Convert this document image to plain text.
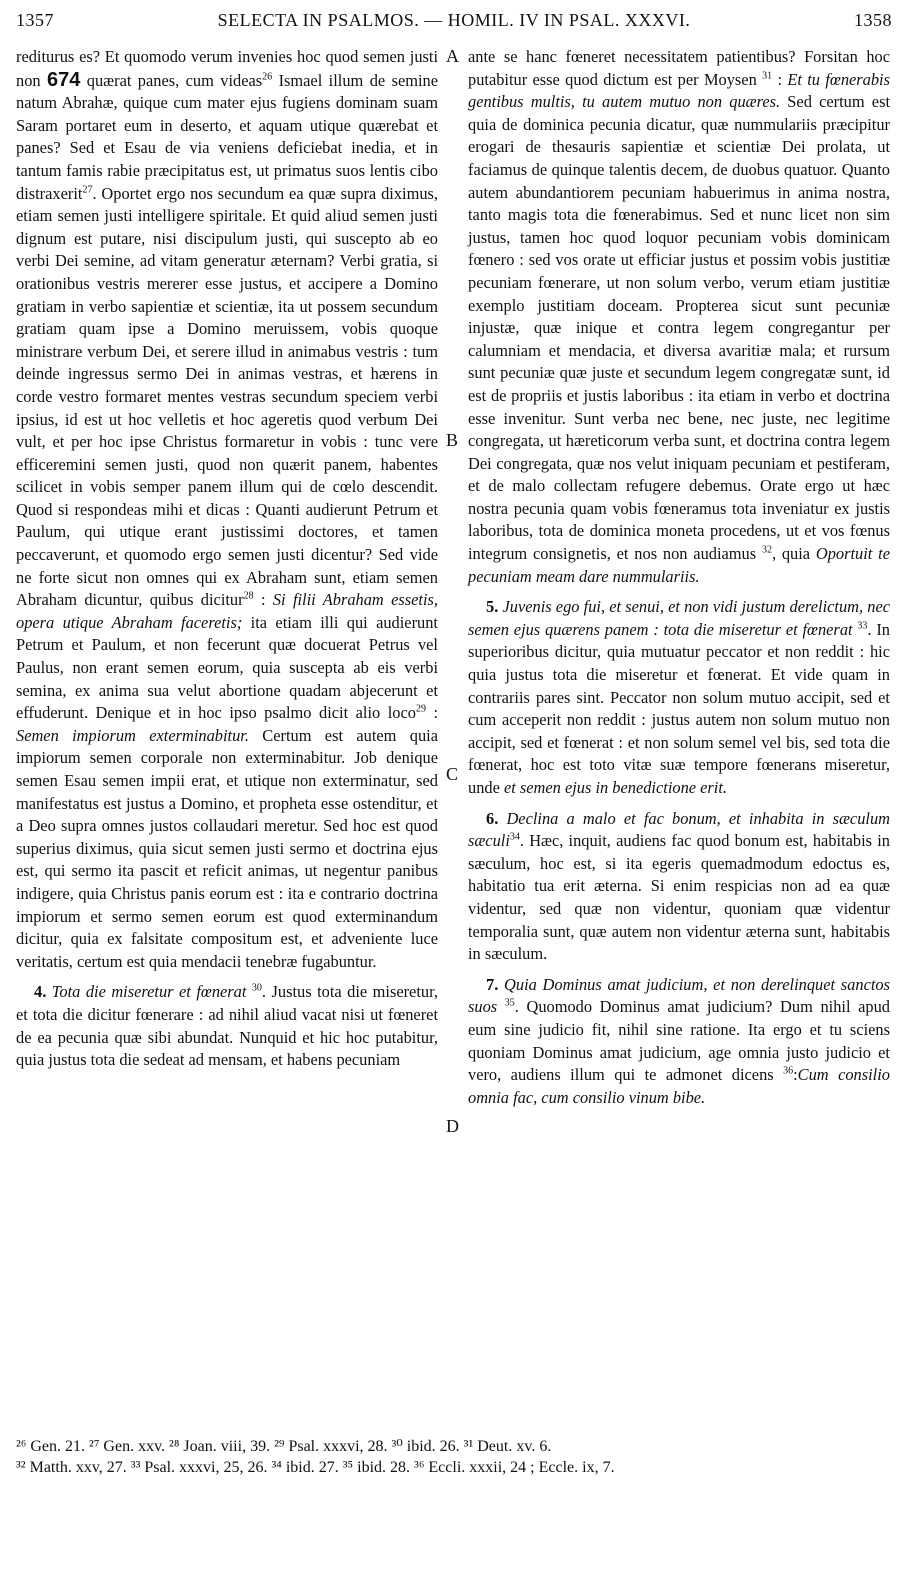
1357	SELECTA IN PSALMOS. — HOMIL. IV IN PSAL. XXXVI.	1358
A
B
C
D

rediturus es? Et quomodo verum invenies hoc quod semen justi non 674 quærat panes, cum videas$^{26}$ Ismael illum de semine natum Abrahæ, quique cum mater ejus fugiens dominam suam Saram portaret eum in deserto, et aquam utique quærebat et panes? Sed et Esau de via veniens deficiebat inedia, et in tantum famis rabie præcipitatus est, ut primatus suos lentis cibo distraxerit$^{27}$. Oportet ergo nos secundum ea quæ supra diximus, etiam semen justi intelligere spiritale. Et quid aliud semen justi dignum est putare, nisi discipulum justi, qui suscepto ab eo verbi Dei semine, ad vitam generatur æternam? Verbi gratia, si orationibus vestris mererer esse justus, et accipere a Domino gratiam in verbo sapientiæ et scientiæ, ita ut possem secundum gratiam quam ipse a Domino meruissem, vobis quoque ministrare verbum Dei, et serere illud in animabus vestris : tum deinde ingressus sermo Dei in animas vestras, et hærens in corde vestro formaret mentes vestras secundum speciem verbi ipsius, id est ut hoc velletis et hoc ageretis quod verbum Dei vult, et per hoc ipse Christus formaretur in vobis : tunc vere efficeremini semen justi, quod non quærit panem, habentes scilicet in vobis semper panem illum qui de cœlo descendit. Quod si respondeas mihi et dicas : Quanti audierunt Petrum et Paulum, qui utique erant justissimi doctores, et tamen peccaverunt, et quomodo ergo semen justi dicentur? Sed vide ne forte sicut non omnes qui ex Abraham sunt, etiam semen Abraham dicuntur, quibus dicitur$^{28}$ : Si filii Abraham essetis, opera utique Abraham faceretis; ita etiam illi qui audierunt Petrum et Paulum, et non fecerunt quæ docuerat Petrus vel Paulus, non erant semen eorum, quia suscepta ab eis verbi semina, ex anima sua velut abortione quadam abjecerunt et effuderunt. Denique et in hoc ipso psalmo dicit alio loco$^{29}$ : Semen impiorum exterminabitur. Certum est autem quia impiorum semen corporale non exterminabitur. Job denique semen Esau semen impii erat, et utique non exterminatur, sed manifestatus est justus a Domino, et propheta esse ostenditur, et a Deo supra omnes justos collaudari meretur. Sed hoc est quod superius diximus, quia sicut semen justi sermo et doctrina ejus est, qui sermo ita pascit et reficit animas, ut negentur panibus indigere, quia Christus panis eorum est : ita e contrario doctrina impiorum et sermo semen eorum est quod exterminandum dicitur, quia ex falsitate compositum est, et adveniente luce veritatis, certum est quia mendacii tenebræ fugabuntur.

4. Tota die miseretur et fœnerat $^{30}$. Justus tota die miseretur, et tota die dicitur fœnerare : ad nihil aliud vacat nisi ut fœneret de ea pecunia quæ sibi abundat. Nunquid et hic hoc putabitur, quia justus tota die sedeat ad mensam, et habens pecuniam

ante se hanc fœneret necessitatem patientibus? Forsitan hoc putabitur esse quod dictum est per Moysen $^{31}$ : Et tu fœnerabis gentibus multis, tu autem mutuo non quæres. Sed certum est quia de dominica pecunia dicatur, quæ nummulariis præcipitur erogari de thesauris sapientiæ et scientiæ Dei prolata, ut faciamus de quinque talentis decem, de duobus quatuor. Quanto autem abundantiorem pecuniam habuerimus in anima nostra, tanto magis tota die fœnerabimus. Sed et nunc licet non sim justus, tamen hoc quod loquor pecuniam vobis dominicam fœnero : sed vos orate ut efficiar justus et possim vobis justitiæ pecuniam fœnerare, ut non solum verbo, verum etiam justitiæ exemplo justitiam doceam. Propterea sicut sunt pecuniæ injustæ, quæ inique et contra legem congregantur per calumniam et mendacia, et diversa avaritiæ mala; et rursum sunt pecuniæ quæ juste et secundum legem congregatæ sunt, id est de propriis et justis laboribus : ita etiam in verbo et doctrina esse invenitur. Sunt verba nec bene, nec juste, nec legitime congregata, ut hæreticorum verba sunt, et doctrina contra legem Dei congregata, quæ nos velut iniquam pecuniam et pestiferam, et de malo collectam refugere debemus. Orate ergo ut hæc nostra pecunia quam vobis fœneramus tota inveniatur ex justis laboribus, tota de dominica moneta procedens, ut et vos fœnus integrum consignetis, et nos non audiamus $^{32}$, quia Oportuit te pecuniam meam dare nummulariis.

5. Juvenis ego fui, et senui, et non vidi justum derelictum, nec semen ejus quærens panem : tota die miseretur et fœnerat $^{33}$. In superioribus dicitur, quia mutuatur peccator et non reddit : hic quia justus tota die miseretur et fœnerat. Et vide quam in contrariis pares sint. Peccator non solum mutuo accipit, sed et cum acceperit non reddit : justus autem non solum mutuo non accipit, sed et fœnerat : et non solum semel vel bis, sed tota die fœnerat, hoc est toto vitæ suæ tempore fœnerans miseretur, unde et semen ejus in benedictione erit.

6. Declina a malo et fac bonum, et inhabita in sæculum sæculi$^{34}$. Hæc, inquit, audiens fac quod bonum est, habitabis in sæculum, hoc est, si ita egeris quemadmodum edoctus es, habitatio tua erit æterna. Si enim respicias non ad ea quæ videntur, sed quæ non videntur, quoniam quæ videntur temporalia sunt, quæ autem non videntur æterna sunt, habitabis in sæculum.

7. Quia Dominus amat judicium, et non derelinquet sanctos suos $^{35}$. Quomodo Dominus amat judicium? Dum nihil apud eum sine judicio fit, nihil sine ratione. Ita ergo et tu sciens quoniam Dominus amat judicium, age omnia justo judicio et vero, audiens illum qui te admonet dicens $^{36}$:Cum consilio omnia fac, cum consilio vinum bibe.

²⁶ Gen. 21. ²⁷ Gen. xxv. ²⁸ Joan. viii, 39. ²⁹ Psal. xxxvi, 28. ³⁰ ibid. 26. ³¹ Deut. xv. 6.
³² Matth. xxv, 27. ³³ Psal. xxxvi, 25, 26. ³⁴ ibid. 27. ³⁵ ibid. 28. ³⁶ Eccli. xxxii, 24 ; Eccle. ix, 7.
